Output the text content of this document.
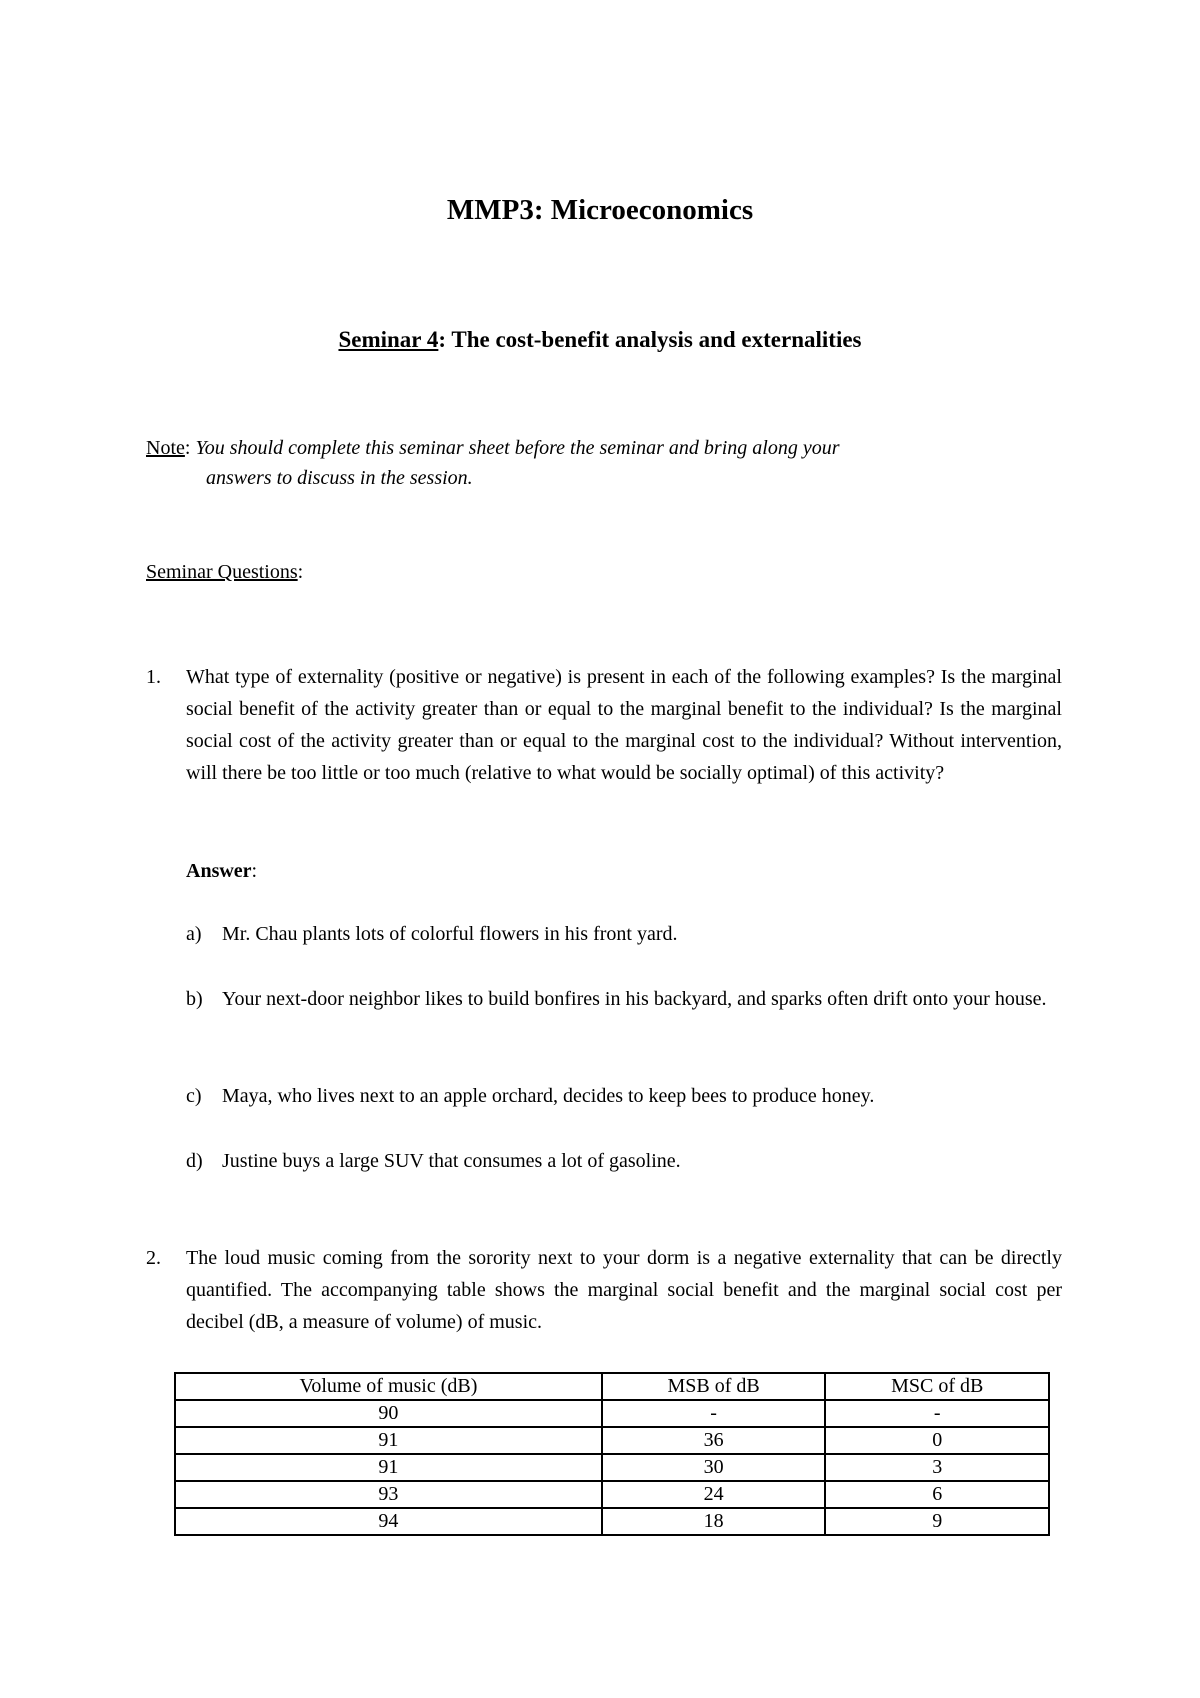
MMP3: Microeconomics
Seminar 4: The cost-benefit analysis and externalities
Note: You should complete this seminar sheet before the seminar and bring along your
answers to discuss in the session.
Seminar Questions:
1. What type of externality (positive or negative) is present in each of the following examples? Is the marginal social benefit of the activity greater than or equal to the marginal benefit to the individual? Is the marginal social cost of the activity greater than or equal to the marginal cost to the individual? Without intervention, will there be too little or too much (relative to what would be socially optimal) of this activity?
Answer:
a) Mr. Chau plants lots of colorful flowers in his front yard.
b) Your next-door neighbor likes to build bonfires in his backyard, and sparks often drift onto your house.
c) Maya, who lives next to an apple orchard, decides to keep bees to produce honey.
d) Justine buys a large SUV that consumes a lot of gasoline.
2. The loud music coming from the sorority next to your dorm is a negative externality that can be directly quantified. The accompanying table shows the marginal social benefit and the marginal social cost per decibel (dB, a measure of volume) of music.
Volume of music (dB)	MSB of dB	MSC of dB
90	-	-
91	36	0
91	30	3
93	24	6
94	18	9
